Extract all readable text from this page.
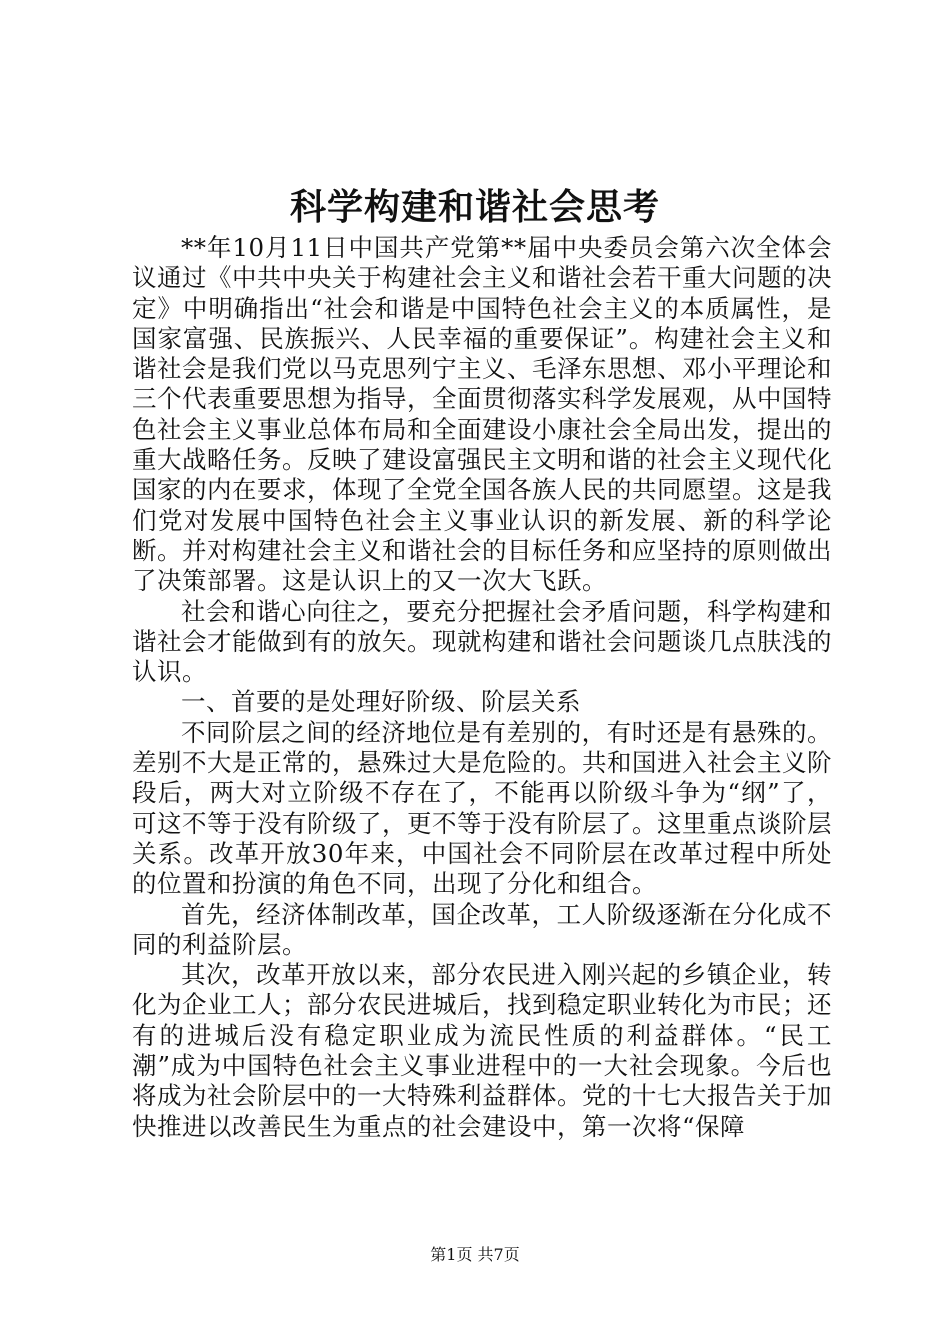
科学构建和谐社会思考

**年10月11日中国共产党第**届中央委员会第六次全体会议通过《中共中央关于构建社会主义和谐社会若干重大问题的决定》中明确指出“社会和谐是中国特色社会主义的本质属性，是国家富强、民族振兴、人民幸福的重要保证”。构建社会主义和谐社会是我们党以马克思列宁主义、毛泽东思想、邓小平理论和三个代表重要思想为指导，全面贯彻落实科学发展观，从中国特色社会主义事业总体布局和全面建设小康社会全局出发，提出的重大战略任务。反映了建设富强民主文明和谐的社会主义现代化国家的内在要求，体现了全党全国各族人民的共同愿望。这是我们党对发展中国特色社会主义事业认识的新发展、新的科学论断。并对构建社会主义和谐社会的目标任务和应坚持的原则做出了决策部署。这是认识上的又一次大飞跃。

社会和谐心向往之，要充分把握社会矛盾问题，科学构建和谐社会才能做到有的放矢。现就构建和谐社会问题谈几点肤浅的认识。

一、首要的是处理好阶级、阶层关系

不同阶层之间的经济地位是有差别的，有时还是有悬殊的。差别不大是正常的，悬殊过大是危险的。共和国进入社会主义阶段后，两大对立阶级不存在了，不能再以阶级斗争为“纲”了，可这不等于没有阶级了，更不等于没有阶层了。这里重点谈阶层关系。改革开放30年来，中国社会不同阶层在改革过程中所处的位置和扮演的角色不同，出现了分化和组合。

首先，经济体制改革，国企改革，工人阶级逐渐在分化成不同的利益阶层。

其次，改革开放以来，部分农民进入刚兴起的乡镇企业，转化为企业工人；部分农民进城后，找到稳定职业转化为市民；还有的进城后没有稳定职业成为流民性质的利益群体。“民工潮”成为中国特色社会主义事业进程中的一大社会现象。今后也将成为社会阶层中的一大特殊利益群体。党的十七大报告关于加快推进以改善民生为重点的社会建设中，第一次将“保障

第1页 共7页
